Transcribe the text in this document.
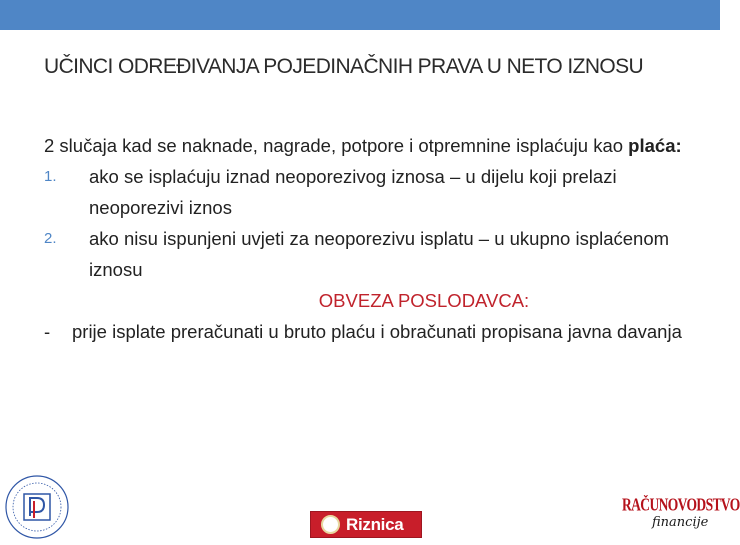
UČINCI ODREĐIVANJA POJEDINAČNIH PRAVA U NETO IZNOSU

2 slučaja kad se naknade, nagrade, potpore i otpremnine isplaćuju kao plaća:

1. ako se isplaćuju iznad neoporezivog iznosa – u dijelu koji prelazi neoporezivi iznos

2. ako nisu ispunjeni uvjeti za neoporezivu isplatu – u ukupno isplaćenom iznosu

OBVEZA POSLODAVCA:

- prije isplate preračunati u bruto plaću i obračunati propisana javna davanja

Riznica
RAČUNOVODSTVO
financije
